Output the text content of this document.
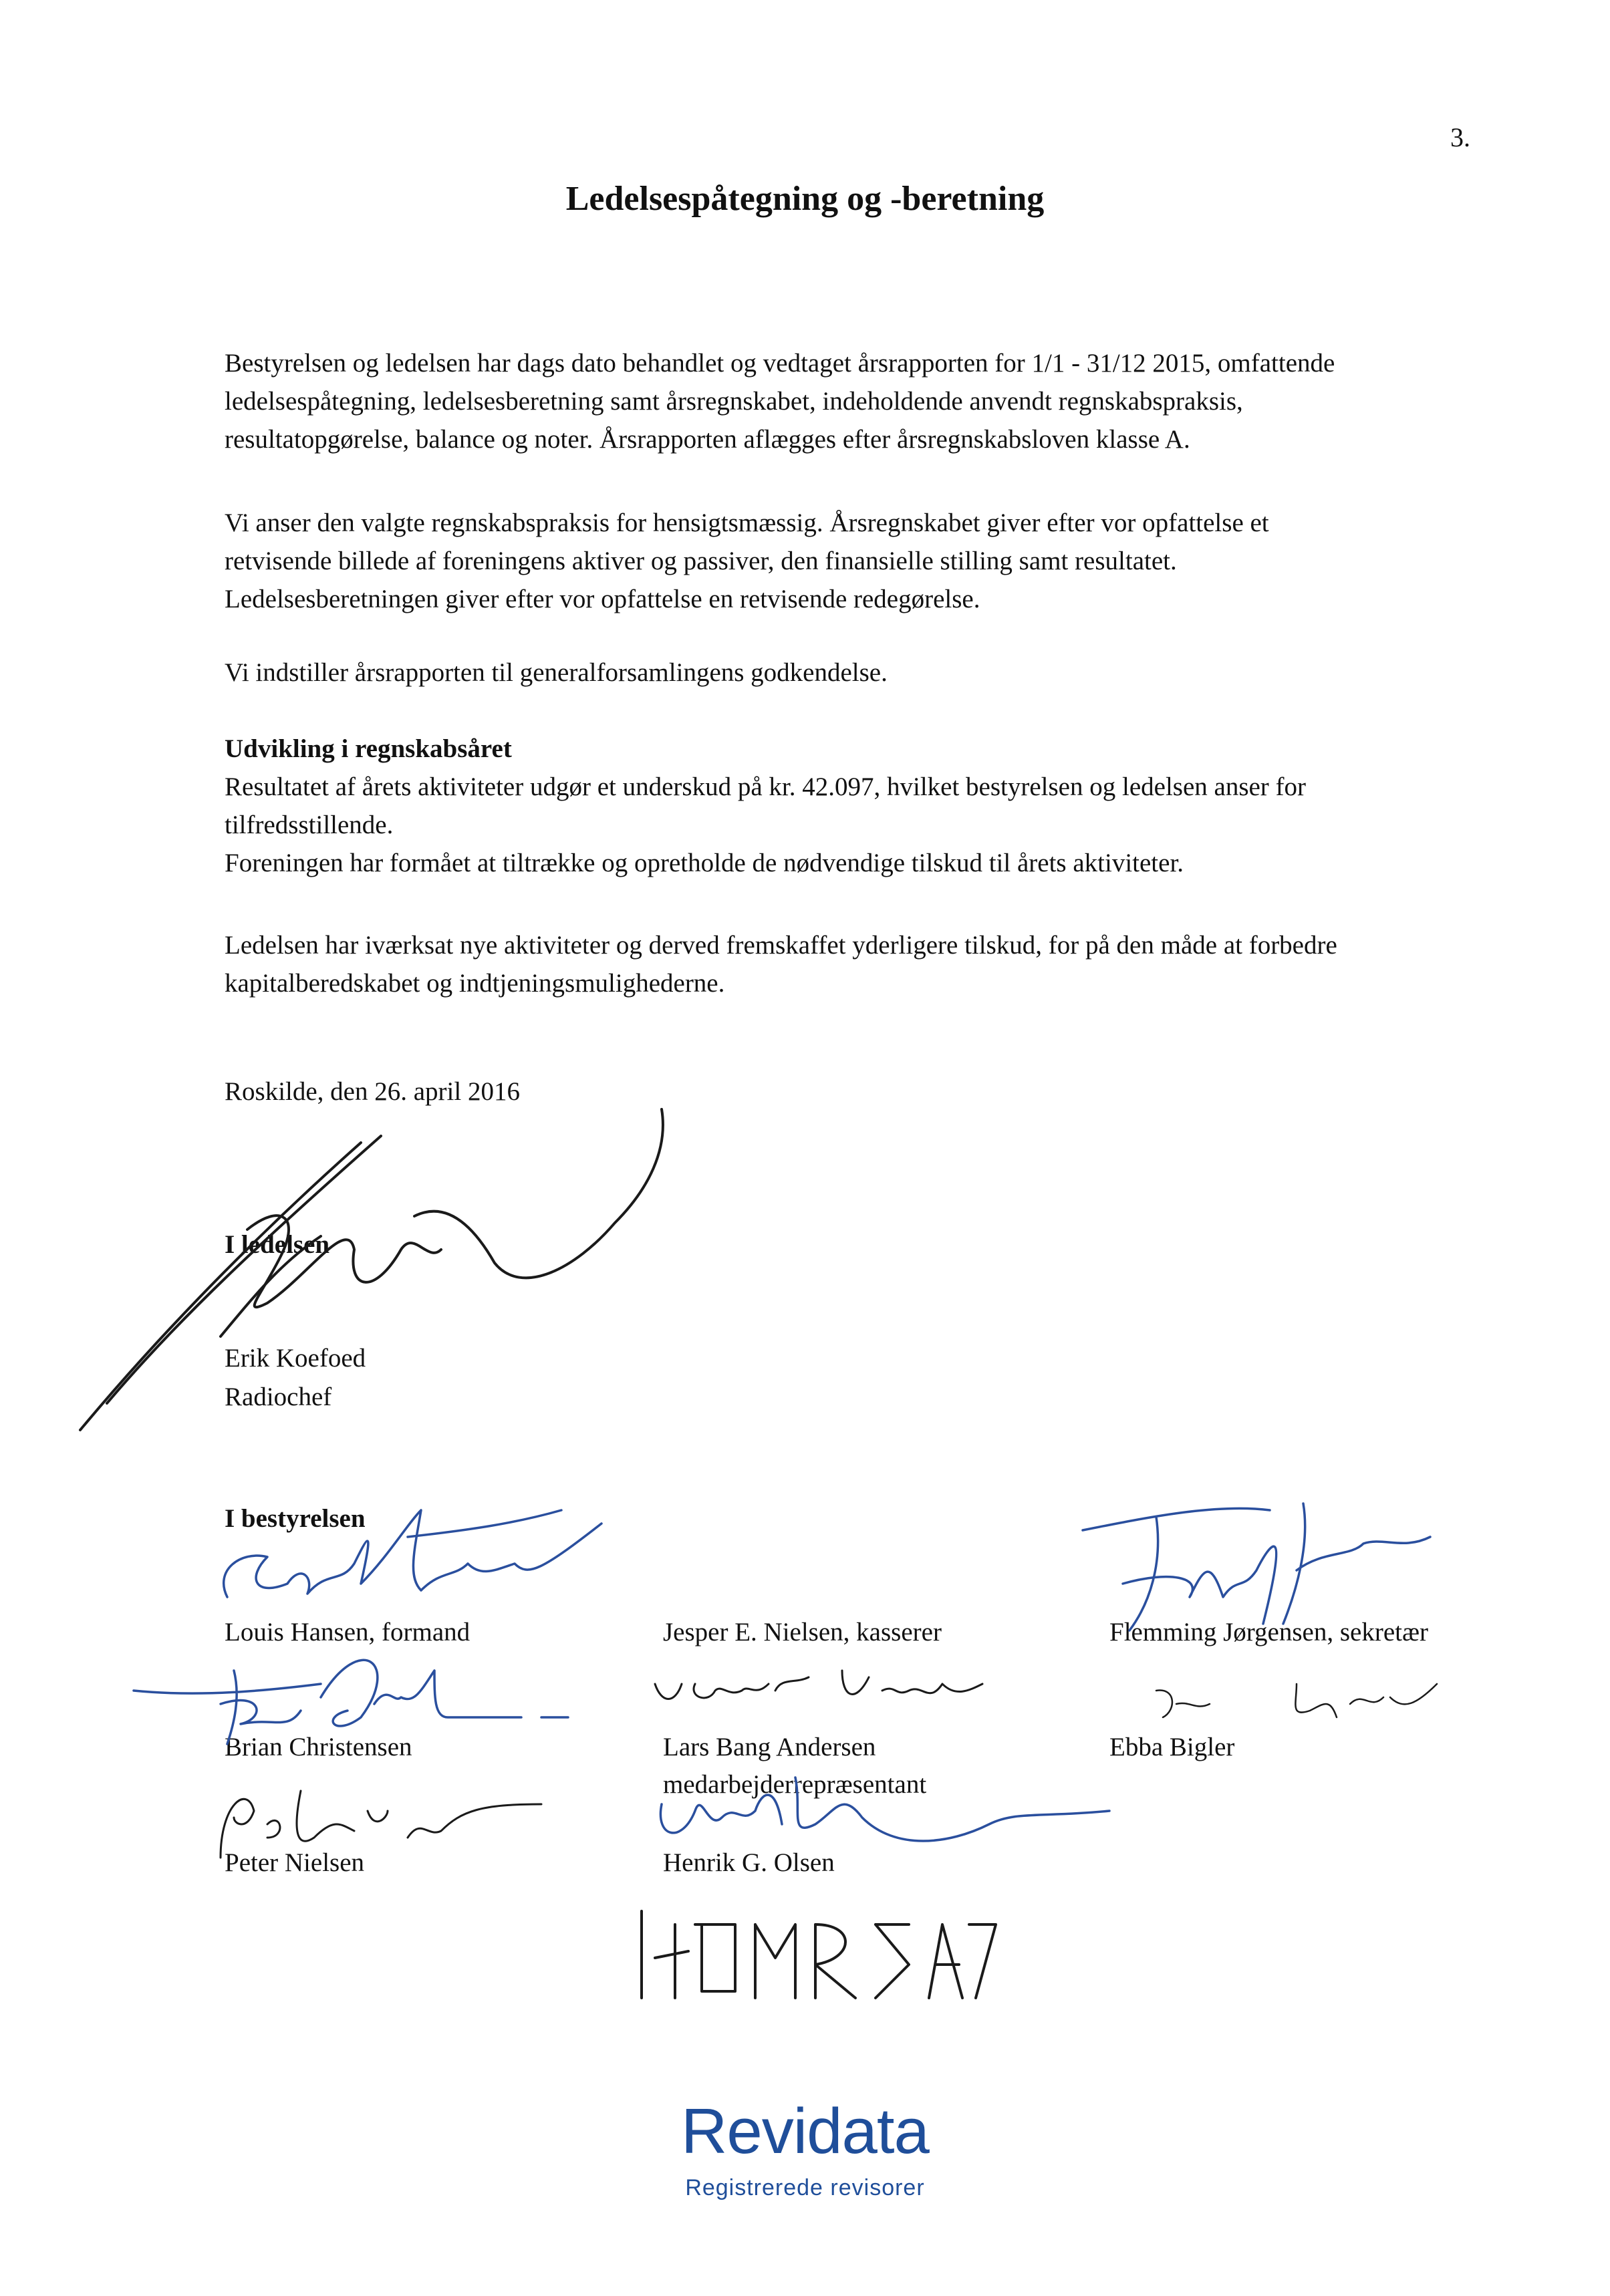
3.
Ledelsespåtegning og -beretning

Bestyrelsen og ledelsen har dags dato behandlet og vedtaget årsrapporten for 1/1 - 31/12 2015, omfattende

ledelsespåtegning, ledelsesberetning samt årsregnskabet, indeholdende anvendt regnskabspraksis,

resultatopgørelse, balance og noter. Årsrapporten aflægges efter årsregnskabsloven klasse A.

Vi anser den valgte regnskabspraksis for hensigtsmæssig. Årsregnskabet giver efter vor opfattelse et

retvisende billede af foreningens aktiver og passiver, den finansielle stilling samt resultatet.

Ledelsesberetningen giver efter vor opfattelse en retvisende redegørelse.

Vi indstiller årsrapporten til generalforsamlingens godkendelse.

Udvikling i regnskabsåret

Resultatet af årets aktiviteter udgør et underskud på kr. 42.097, hvilket bestyrelsen og ledelsen anser for

tilfredsstillende.

Foreningen har formået at tiltrække og opretholde de nødvendige tilskud til årets aktiviteter.

Ledelsen har iværksat nye aktiviteter og derved fremskaffet yderligere tilskud, for på den måde at forbedre

kapitalberedskabet og indtjeningsmulighederne.

Roskilde, den 26. april 2016
I ledelsen
Erik Koefoed
Radiochef
I bestyrelsen
Louis Hansen, formand	Jesper E. Nielsen, kasserer	Flemming Jørgensen, sekretær
Brian Christensen	Lars Bang Andersen
medarbejderrepræsentant
Ebba Bigler
Peter Nielsen	Henrik G. Olsen
Revidata
Registrerede revisorer
